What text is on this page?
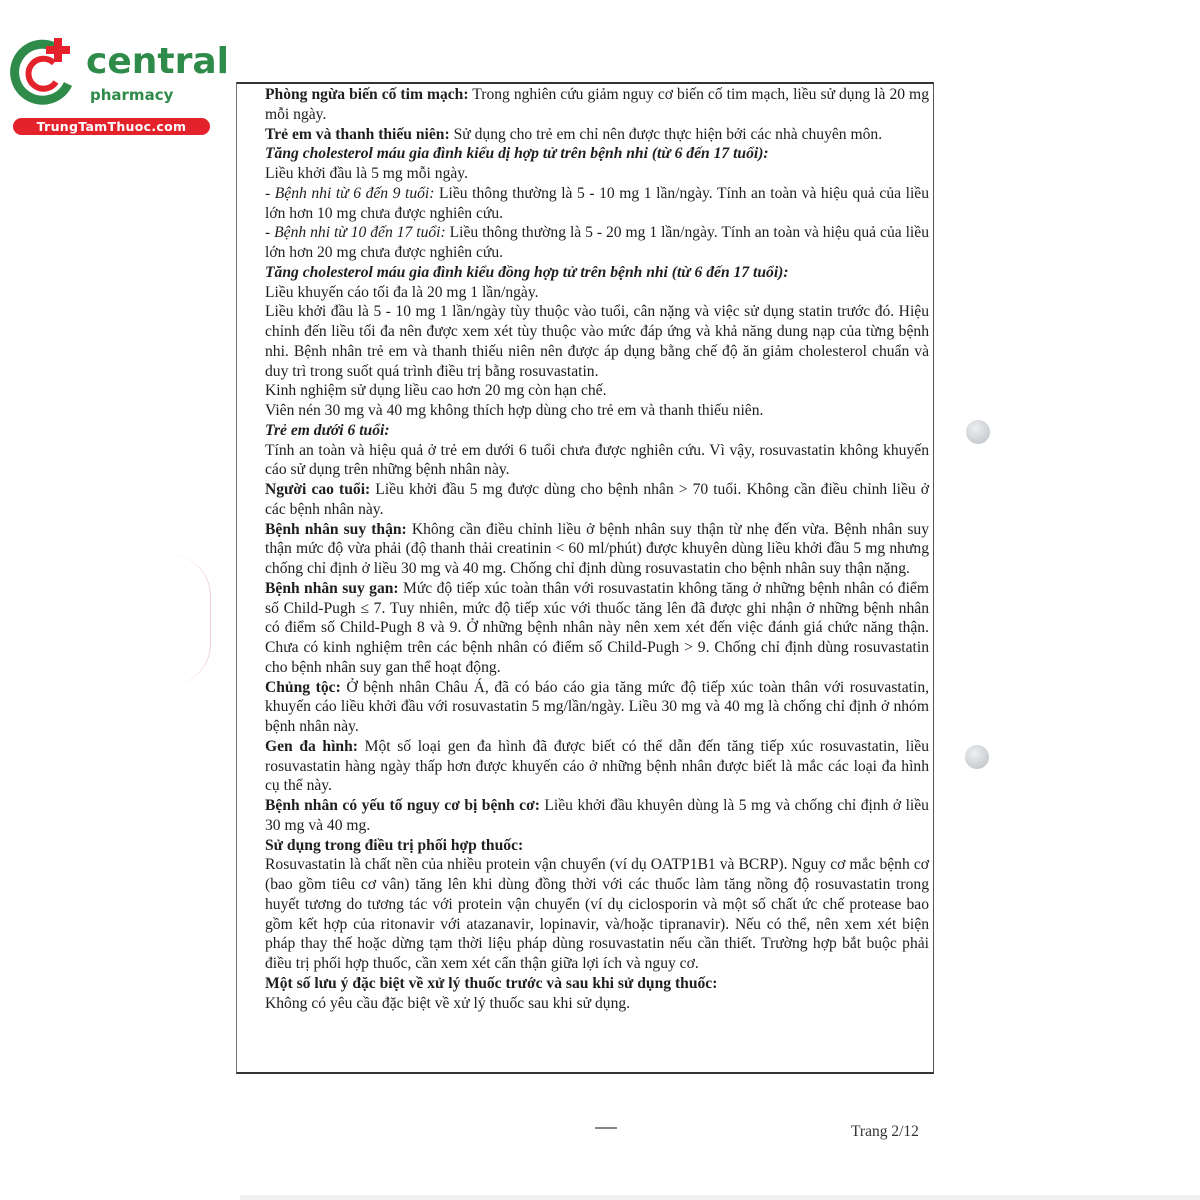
central
pharmacy
TrungTamThuoc.com

Phòng ngừa biến cố tim mạch: Trong nghiên cứu giảm nguy cơ biến cố tim mạch, liều sử dụng là 20 mg mỗi ngày.

Trẻ em và thanh thiếu niên: Sử dụng cho trẻ em chỉ nên được thực hiện bởi các nhà chuyên môn.

Tăng cholesterol máu gia đình kiểu dị hợp tử trên bệnh nhi (từ 6 đến 17 tuổi):

Liều khởi đầu là 5 mg mỗi ngày.

- Bệnh nhi từ 6 đến 9 tuổi: Liều thông thường là 5 - 10 mg 1 lần/ngày. Tính an toàn và hiệu quả của liều lớn hơn 10 mg chưa được nghiên cứu.

- Bệnh nhi từ 10 đến 17 tuổi: Liều thông thường là 5 - 20 mg 1 lần/ngày. Tính an toàn và hiệu quả của liều lớn hơn 20 mg chưa được nghiên cứu.

Tăng cholesterol máu gia đình kiểu đồng hợp tử trên bệnh nhi (từ 6 đến 17 tuổi):

Liều khuyến cáo tối đa là 20 mg 1 lần/ngày.

Liều khởi đầu là 5 - 10 mg 1 lần/ngày tùy thuộc vào tuổi, cân nặng và việc sử dụng statin trước đó. Hiệu chỉnh đến liều tối đa nên được xem xét tùy thuộc vào mức đáp ứng và khả năng dung nạp của từng bệnh nhi. Bệnh nhân trẻ em và thanh thiếu niên nên được áp dụng bằng chế độ ăn giảm cholesterol chuẩn và duy trì trong suốt quá trình điều trị bằng rosuvastatin.

Kinh nghiệm sử dụng liều cao hơn 20 mg còn hạn chế.

Viên nén 30 mg và 40 mg không thích hợp dùng cho trẻ em và thanh thiếu niên.

Trẻ em dưới 6 tuổi:

Tính an toàn và hiệu quả ở trẻ em dưới 6 tuổi chưa được nghiên cứu. Vì vậy, rosuvastatin không khuyến cáo sử dụng trên những bệnh nhân này.

Người cao tuổi: Liều khởi đầu 5 mg được dùng cho bệnh nhân > 70 tuổi. Không cần điều chỉnh liều ở các bệnh nhân này.

Bệnh nhân suy thận: Không cần điều chỉnh liều ở bệnh nhân suy thận từ nhẹ đến vừa. Bệnh nhân suy thận mức độ vừa phải (độ thanh thải creatinin < 60 ml/phút) được khuyên dùng liều khởi đầu 5 mg nhưng chống chỉ định ở liều 30 mg và 40 mg. Chống chỉ định dùng rosuvastatin cho bệnh nhân suy thận nặng.

Bệnh nhân suy gan: Mức độ tiếp xúc toàn thân với rosuvastatin không tăng ở những bệnh nhân có điểm số Child-Pugh ≤ 7. Tuy nhiên, mức độ tiếp xúc với thuốc tăng lên đã được ghi nhận ở những bệnh nhân có điểm số Child-Pugh 8 và 9. Ở những bệnh nhân này nên xem xét đến việc đánh giá chức năng thận. Chưa có kinh nghiệm trên các bệnh nhân có điểm số Child-Pugh > 9. Chống chỉ định dùng rosuvastatin cho bệnh nhân suy gan thể hoạt động.

Chủng tộc: Ở bệnh nhân Châu Á, đã có báo cáo gia tăng mức độ tiếp xúc toàn thân với rosuvastatin, khuyến cáo liều khởi đầu với rosuvastatin 5 mg/lần/ngày. Liều 30 mg và 40 mg là chống chỉ định ở nhóm bệnh nhân này.

Gen đa hình: Một số loại gen đa hình đã được biết có thể dẫn đến tăng tiếp xúc rosuvastatin, liều rosuvastatin hàng ngày thấp hơn được khuyến cáo ở những bệnh nhân được biết là mắc các loại đa hình cụ thể này.

Bệnh nhân có yếu tố nguy cơ bị bệnh cơ: Liều khởi đầu khuyên dùng là 5 mg và chống chỉ định ở liều 30 mg và 40 mg.

Sử dụng trong điều trị phối hợp thuốc:

Rosuvastatin là chất nền của nhiều protein vận chuyển (ví dụ OATP1B1 và BCRP). Nguy cơ mắc bệnh cơ (bao gồm tiêu cơ vân) tăng lên khi dùng đồng thời với các thuốc làm tăng nồng độ rosuvastatin trong huyết tương do tương tác với protein vận chuyển (ví dụ ciclosporin và một số chất ức chế protease bao gồm kết hợp của ritonavir với atazanavir, lopinavir, và/hoặc tipranavir). Nếu có thể, nên xem xét biện pháp thay thế hoặc dừng tạm thời liệu pháp dùng rosuvastatin nếu cần thiết. Trường hợp bắt buộc phải điều trị phối hợp thuốc, cần xem xét cẩn thận giữa lợi ích và nguy cơ.

Một số lưu ý đặc biệt về xử lý thuốc trước và sau khi sử dụng thuốc:

Không có yêu cầu đặc biệt về xử lý thuốc sau khi sử dụng.

Trang 2/12
